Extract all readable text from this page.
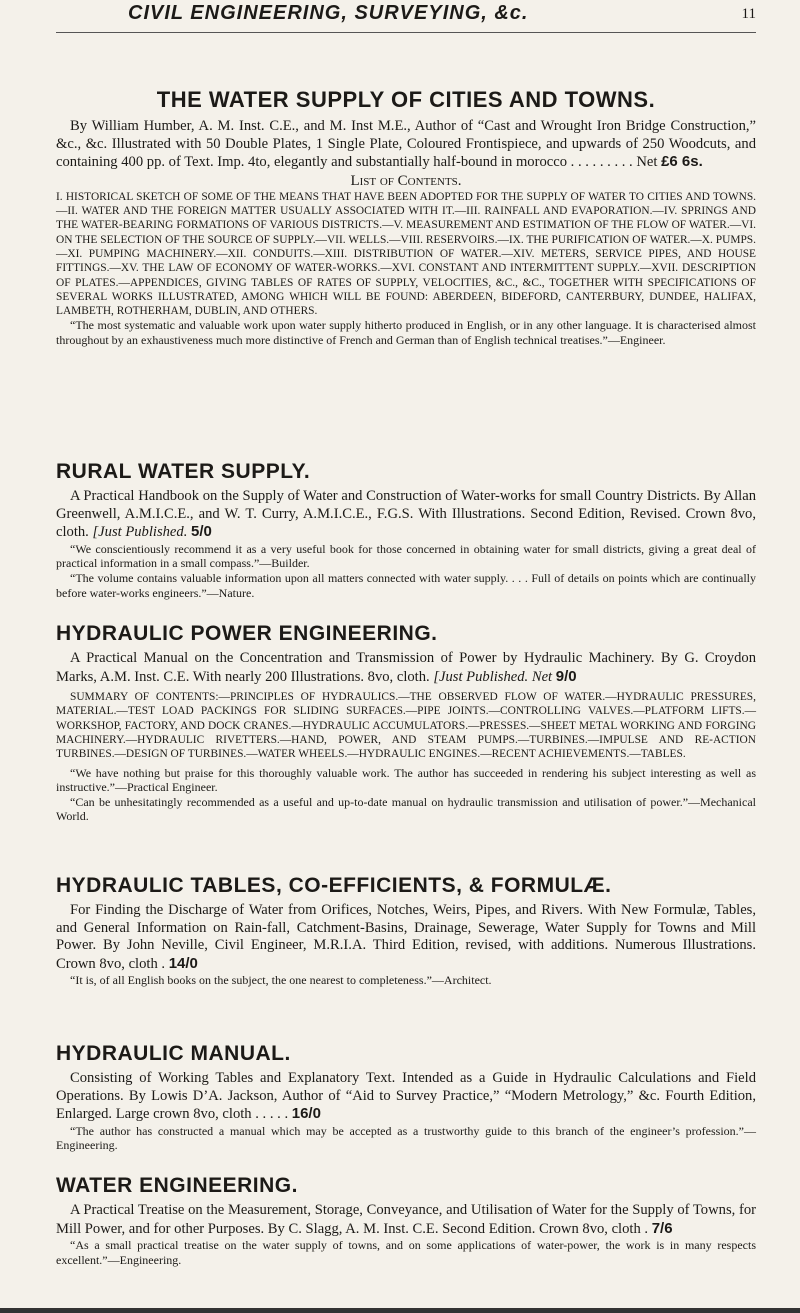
CIVIL ENGINEERING, SURVEYING, &c.	11
THE WATER SUPPLY OF CITIES AND TOWNS.

By William Humber, A. M. Inst. C.E., and M. Inst M.E., Author of “Cast and Wrought Iron Bridge Construction,” &c., &c. Illustrated with 50 Double Plates, 1 Single Plate, Coloured Frontispiece, and upwards of 250 Woodcuts, and containing 400 pp. of Text. Imp. 4to, elegantly and substantially half-bound in morocco . . . . . . . . . Net £6 6s.

List of Contents.

I. HISTORICAL SKETCH OF SOME OF THE MEANS THAT HAVE BEEN ADOPTED FOR THE SUPPLY OF WATER TO CITIES AND TOWNS.—II. WATER AND THE FOREIGN MATTER USUALLY ASSOCIATED WITH IT.—III. RAINFALL AND EVAPORATION.—IV. SPRINGS AND THE WATER-BEARING FORMATIONS OF VARIOUS DISTRICTS.—V. MEASUREMENT AND ESTIMATION OF THE FLOW OF WATER.—VI. ON THE SELECTION OF THE SOURCE OF SUPPLY.—VII. WELLS.—VIII. RESERVOIRS.—IX. THE PURIFICATION OF WATER.—X. PUMPS.—XI. PUMPING MACHINERY.—XII. CONDUITS.—XIII. DISTRIBUTION OF WATER.—XIV. METERS, SERVICE PIPES, AND HOUSE FITTINGS.—XV. THE LAW OF ECONOMY OF WATER-WORKS.—XVI. CONSTANT AND INTERMITTENT SUPPLY.—XVII. DESCRIPTION OF PLATES.—APPENDICES, GIVING TABLES OF RATES OF SUPPLY, VELOCITIES, &C., &C., TOGETHER WITH SPECIFICATIONS OF SEVERAL WORKS ILLUSTRATED, AMONG WHICH WILL BE FOUND: ABERDEEN, BIDEFORD, CANTERBURY, DUNDEE, HALIFAX, LAMBETH, ROTHERHAM, DUBLIN, AND OTHERS.

“The most systematic and valuable work upon water supply hitherto produced in English, or in any other language. It is characterised almost throughout by an exhaustiveness much more distinctive of French and German than of English technical treatises.”—Engineer.

RURAL WATER SUPPLY.

A Practical Handbook on the Supply of Water and Construction of Water-works for small Country Districts. By Allan Greenwell, A.M.I.C.E., and W. T. Curry, A.M.I.C.E., F.G.S. With Illustrations. Second Edition, Revised. Crown 8vo, cloth. [Just Published. 5/0

“We conscientiously recommend it as a very useful book for those concerned in obtaining water for small districts, giving a great deal of practical information in a small compass.”—Builder.

“The volume contains valuable information upon all matters connected with water supply. . . . Full of details on points which are continually before water-works engineers.”—Nature.

HYDRAULIC POWER ENGINEERING.

A Practical Manual on the Concentration and Transmission of Power by Hydraulic Machinery. By G. Croydon Marks, A.M. Inst. C.E. With nearly 200 Illustrations. 8vo, cloth. [Just Published. Net 9/0

SUMMARY OF CONTENTS:—PRINCIPLES OF HYDRAULICS.—THE OBSERVED FLOW OF WATER.—HYDRAULIC PRESSURES, MATERIAL.—TEST LOAD PACKINGS FOR SLIDING SURFACES.—PIPE JOINTS.—CONTROLLING VALVES.—PLATFORM LIFTS.—WORKSHOP, FACTORY, AND DOCK CRANES.—HYDRAULIC ACCUMULATORS.—PRESSES.—SHEET METAL WORKING AND FORGING MACHINERY.—HYDRAULIC RIVETTERS.—HAND, POWER, AND STEAM PUMPS.—TURBINES.—IMPULSE AND RE-ACTION TURBINES.—DESIGN OF TURBINES.—WATER WHEELS.—HYDRAULIC ENGINES.—RECENT ACHIEVEMENTS.—TABLES.

“We have nothing but praise for this thoroughly valuable work. The author has succeeded in rendering his subject interesting as well as instructive.”—Practical Engineer.

“Can be unhesitatingly recommended as a useful and up-to-date manual on hydraulic transmission and utilisation of power.”—Mechanical World.

HYDRAULIC TABLES, CO-EFFICIENTS, & FORMULÆ.

For Finding the Discharge of Water from Orifices, Notches, Weirs, Pipes, and Rivers. With New Formulæ, Tables, and General Information on Rain-fall, Catchment-Basins, Drainage, Sewerage, Water Supply for Towns and Mill Power. By John Neville, Civil Engineer, M.R.I.A. Third Edition, revised, with additions. Numerous Illustrations. Crown 8vo, cloth . 14/0

“It is, of all English books on the subject, the one nearest to completeness.”—Architect.

HYDRAULIC MANUAL.

Consisting of Working Tables and Explanatory Text. Intended as a Guide in Hydraulic Calculations and Field Operations. By Lowis D’A. Jackson, Author of “Aid to Survey Practice,” “Modern Metrology,” &c. Fourth Edition, Enlarged. Large crown 8vo, cloth . . . . . 16/0

“The author has constructed a manual which may be accepted as a trustworthy guide to this branch of the engineer’s profession.”—Engineering.

WATER ENGINEERING.

A Practical Treatise on the Measurement, Storage, Conveyance, and Utilisation of Water for the Supply of Towns, for Mill Power, and for other Purposes. By C. Slagg, A. M. Inst. C.E. Second Edition. Crown 8vo, cloth . 7/6

“As a small practical treatise on the water supply of towns, and on some applications of water-power, the work is in many respects excellent.”—Engineering.
